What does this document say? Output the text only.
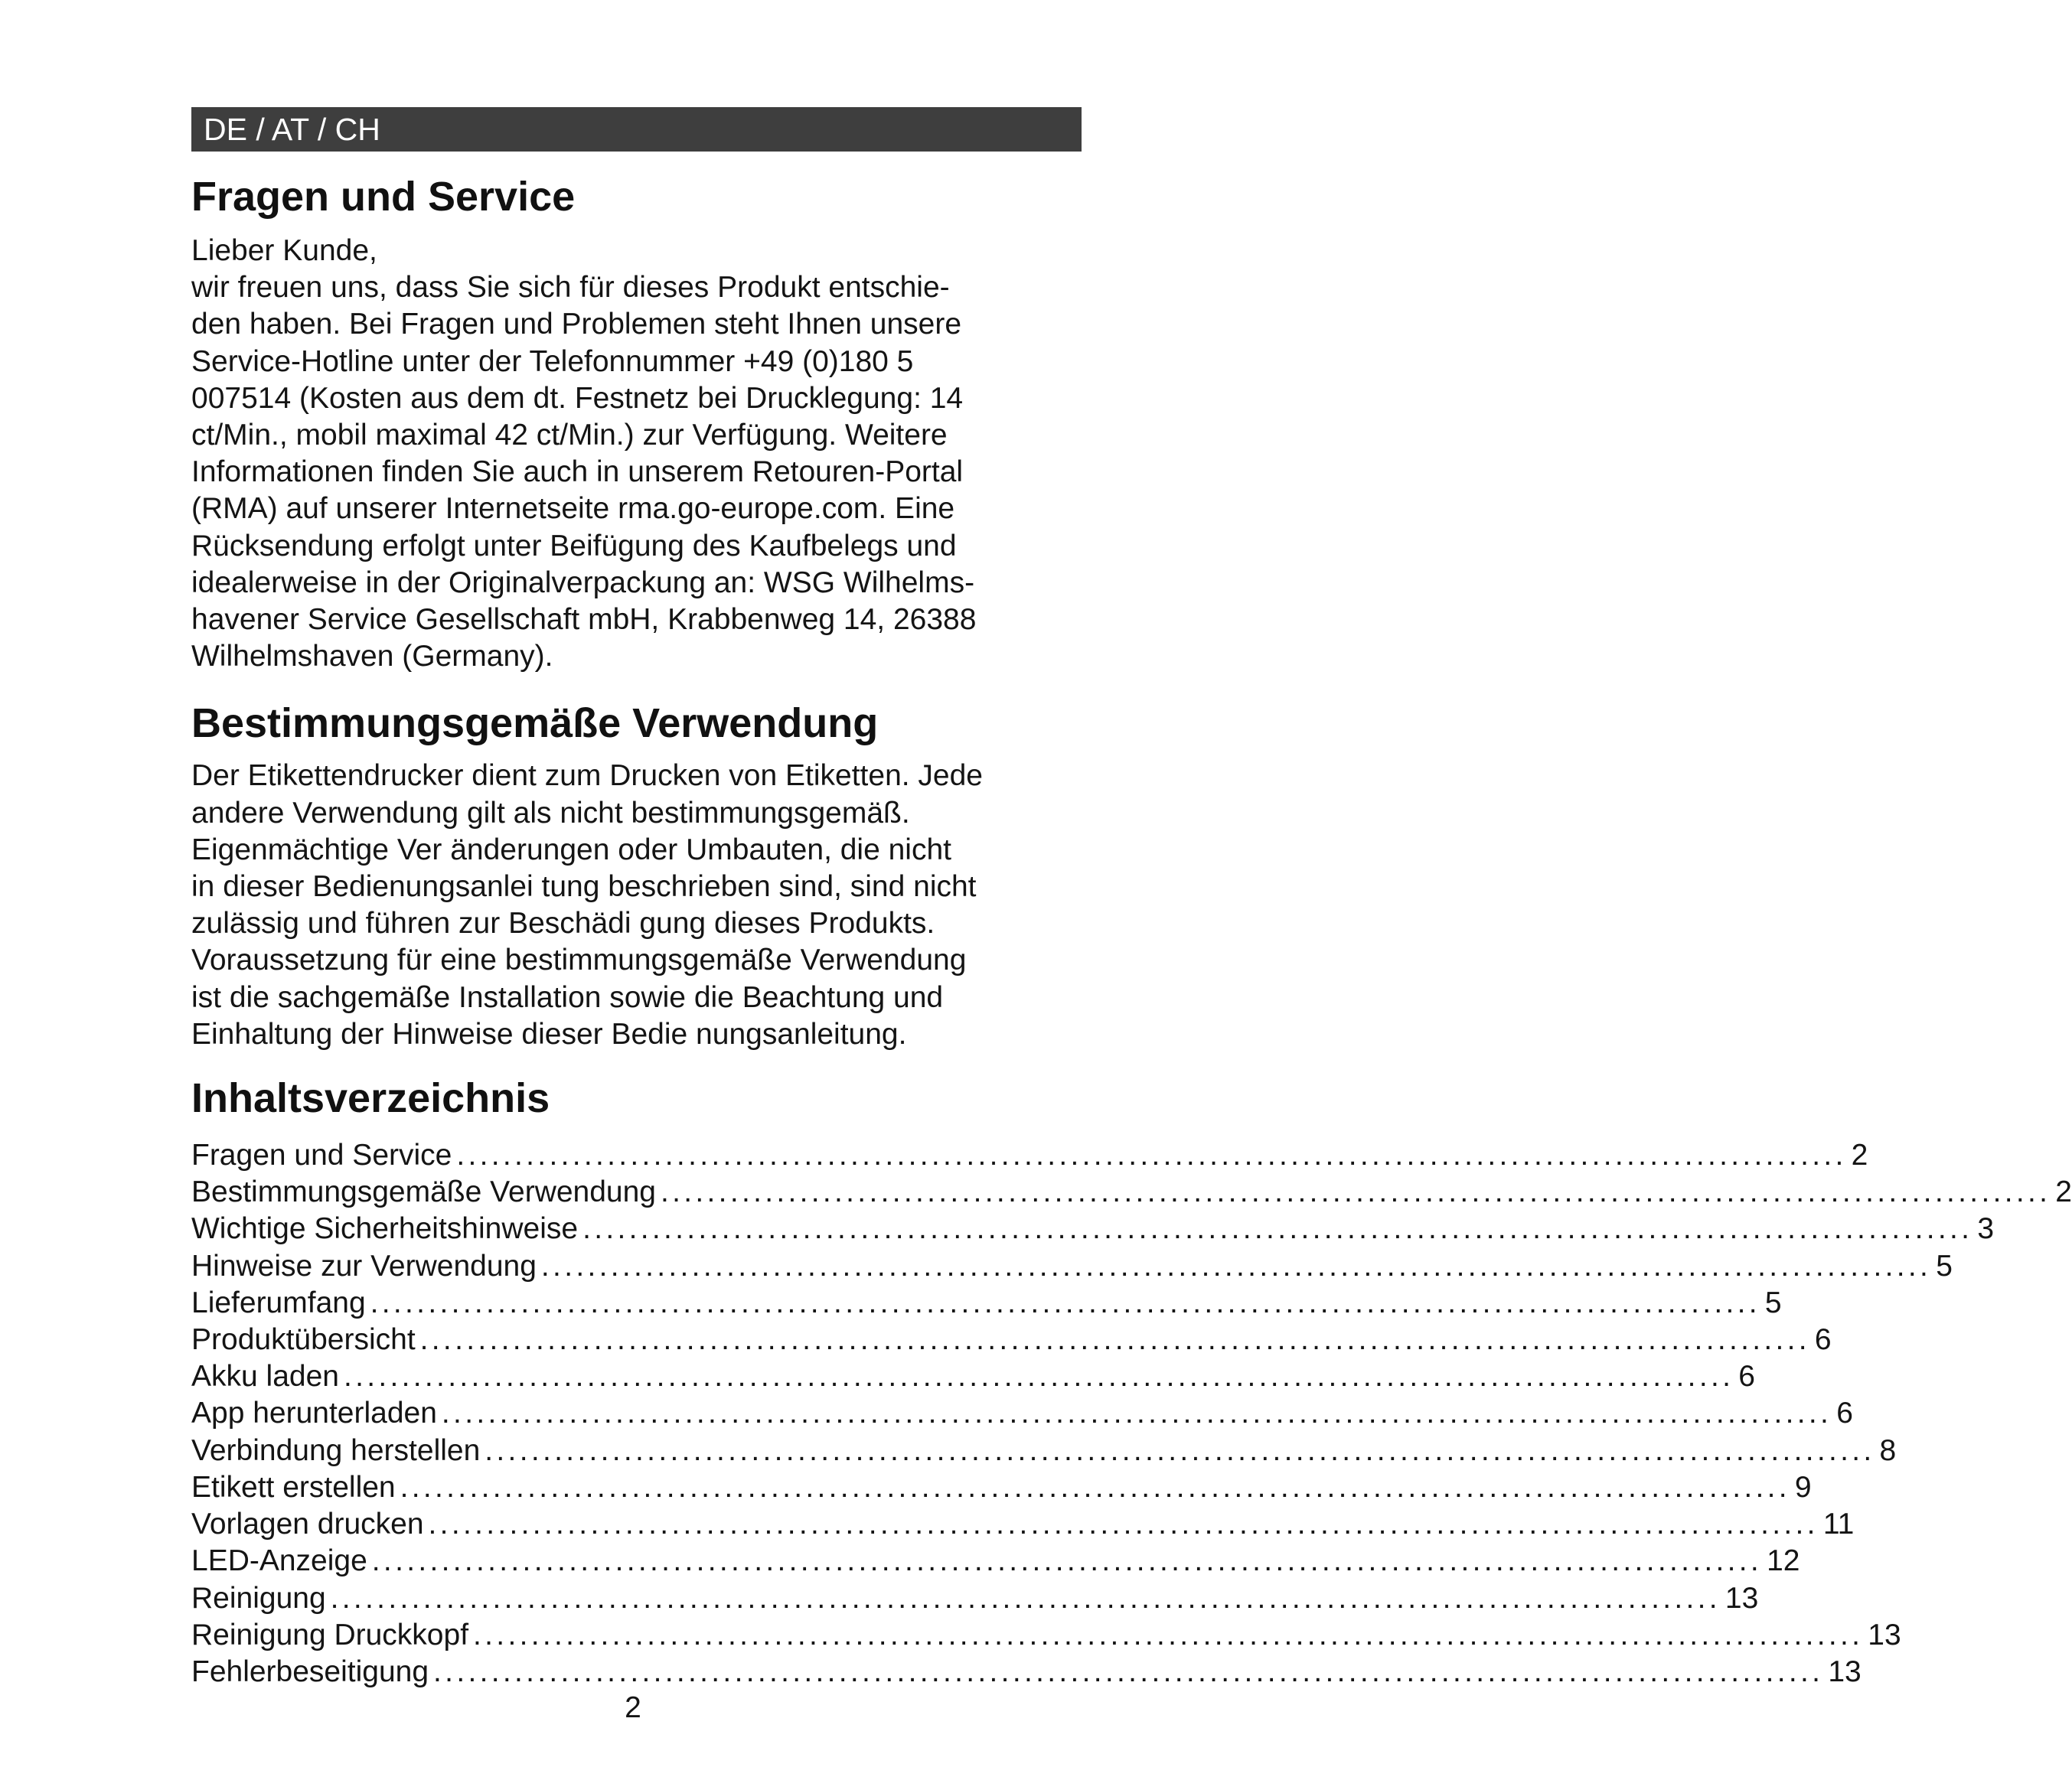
DE / AT / CH
Fragen und Service

Lieber Kunde,
wir freuen uns, dass Sie sich für dieses Produkt entschie-
den haben. Bei Fragen und Problemen steht Ihnen unsere
Service-Hotline unter der Telefonnummer +49 (0)180 5
007514 (Kosten aus dem dt. Festnetz bei Drucklegung: 14
ct/Min., mobil maximal 42 ct/Min.) zur Verfügung. Weitere
Informationen finden Sie auch in unserem Retouren-Portal
(RMA) auf unserer Internetseite rma.go-europe.com. Eine
Rücksendung erfolgt unter Beifügung des Kaufbelegs und
idealerweise in der Originalverpackung an: WSG Wilhelms-
havener Service Gesellschaft mbH, Krabbenweg 14, 26388
Wilhelmshaven (Germany).

Bestimmungsgemäße Verwendung

Der Etikettendrucker dient zum Drucken von Etiketten. Jede
andere Verwendung gilt als nicht bestimmungsgemäß.
Eigenmächtige Ver änderungen oder Umbauten, die nicht
in dieser Bedienungsanlei tung beschrieben sind, sind nicht
zulässig und führen zur Beschädi gung dieses Produkts.
Voraussetzung für eine bestimmungsgemäße Verwendung
ist die sachgemäße Installation sowie die Beachtung und
Einhaltung der Hinweise dieser Bedie nungsanleitung.

Inhaltsverzeichnis
Fragen und Service ........................................................................................................................ 2
Bestimmungsgemäße Verwendung ........................................................................................................................ 2
Wichtige Sicherheitshinweise ........................................................................................................................ 3
Hinweise zur Verwendung ........................................................................................................................ 5
Lieferumfang ........................................................................................................................ 5
Produktübersicht ........................................................................................................................ 6
Akku laden ........................................................................................................................ 6
App herunterladen ........................................................................................................................ 6
Verbindung herstellen ........................................................................................................................ 8
Etikett erstellen ........................................................................................................................ 9
Vorlagen drucken ........................................................................................................................ 11
LED-Anzeige ........................................................................................................................ 12
Reinigung ........................................................................................................................ 13
Reinigung Druckkopf ........................................................................................................................ 13
Fehlerbeseitigung ........................................................................................................................ 13
2
